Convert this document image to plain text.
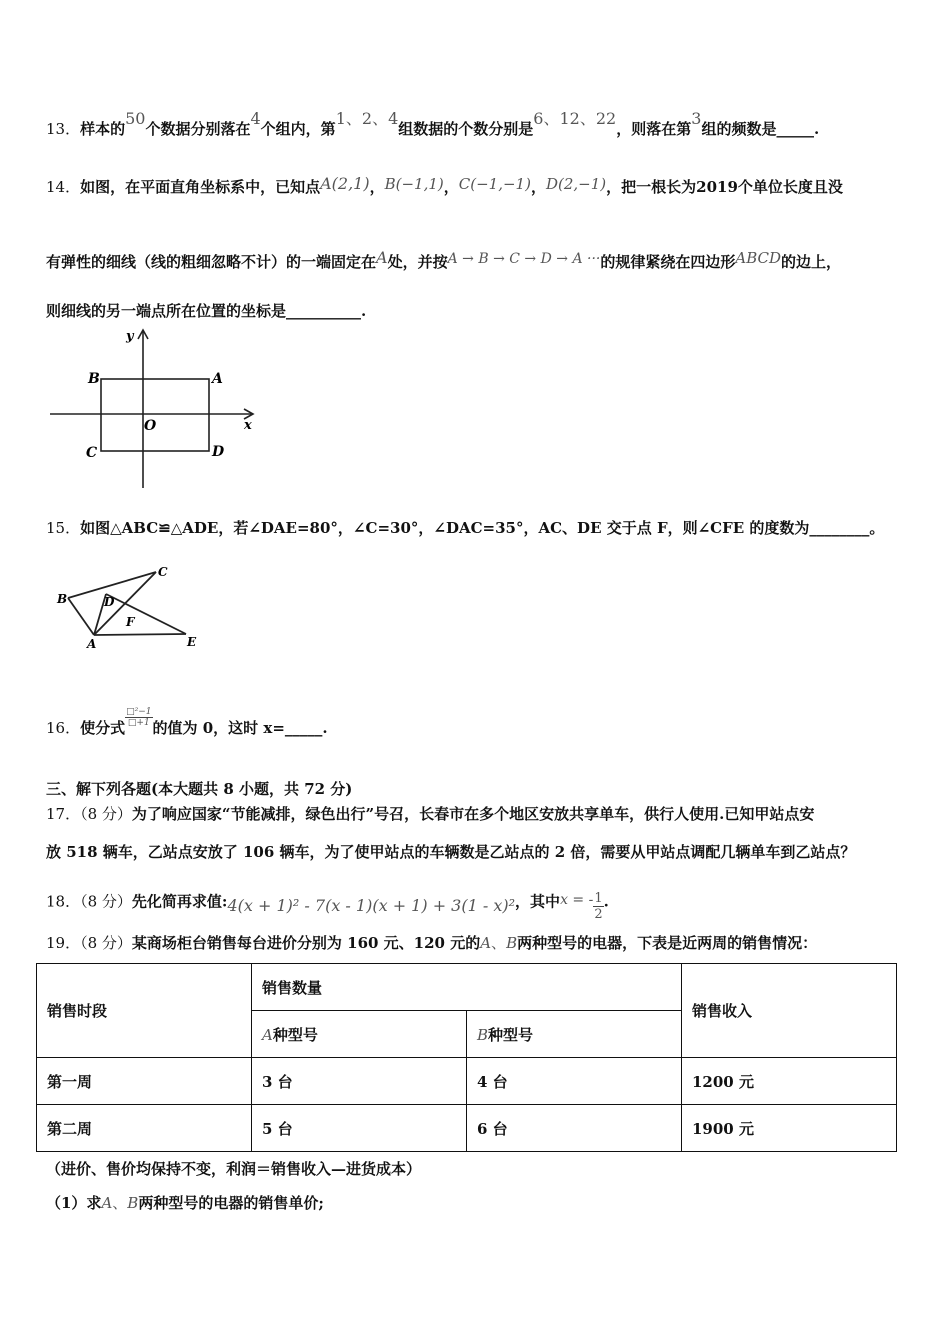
13．样本的50个数据分别落在4个组内，第1、2、4组数据的个数分别是6、12、22，则落在第3组的频数是_____.
14．如图，在平面直角坐标系中，已知点A(2,1)，B(−1,1)，C(−1,−1)，D(2,−1)，把一根长为2019个单位长度且没
有弹性的细线（线的粗细忽略不计）的一端固定在A处，并按A → B → C → D → A ···的规律紧绕在四边形ABCD的边上，
则细线的另一端点所在位置的坐标是__________.
y
x
O
A
B
C	D
15．如图△ABC≌△ADE，若∠DAE=80°，∠C=30°，∠DAC=35°，AC、DE 交于点 F，则∠CFE 的度数为________。
B
C
D
F
A	E
16．使分式
$\frac{\text{□²−1}}{□+1}$
的值为 0，这时 x=_____.
三、解下列各题(本大题共 8 小题，共 72 分)
17．（8 分）为了响应国家“节能减排，绿色出行”号召，长春市在多个地区安放共享单车，供行人使用.已知甲站点安
放 518 辆车，乙站点安放了 106 辆车，为了使甲站点的车辆数是乙站点的 2 倍，需要从甲站点调配几辆单车到乙站点？
18．（8 分）先化简再求值:4(x + 1)² - 7(x - 1)(x + 1) + 3(1 - x)²，其中x = - $\frac{1}{2}$ .
19．（8 分）某商场柜台销售每台进价分别为 160 元、120 元的A、B两种型号的电器，下表是近两周的销售情况：
销售时段	销售数量		销售收入
	A种型号	B种型号	
第一周	3 台	4 台	1200 元
第二周	5 台	6 台	1900 元
（进价、售价均保持不变，利润＝销售收入—进货成本）
（1）求A、B两种型号的电器的销售单价;
